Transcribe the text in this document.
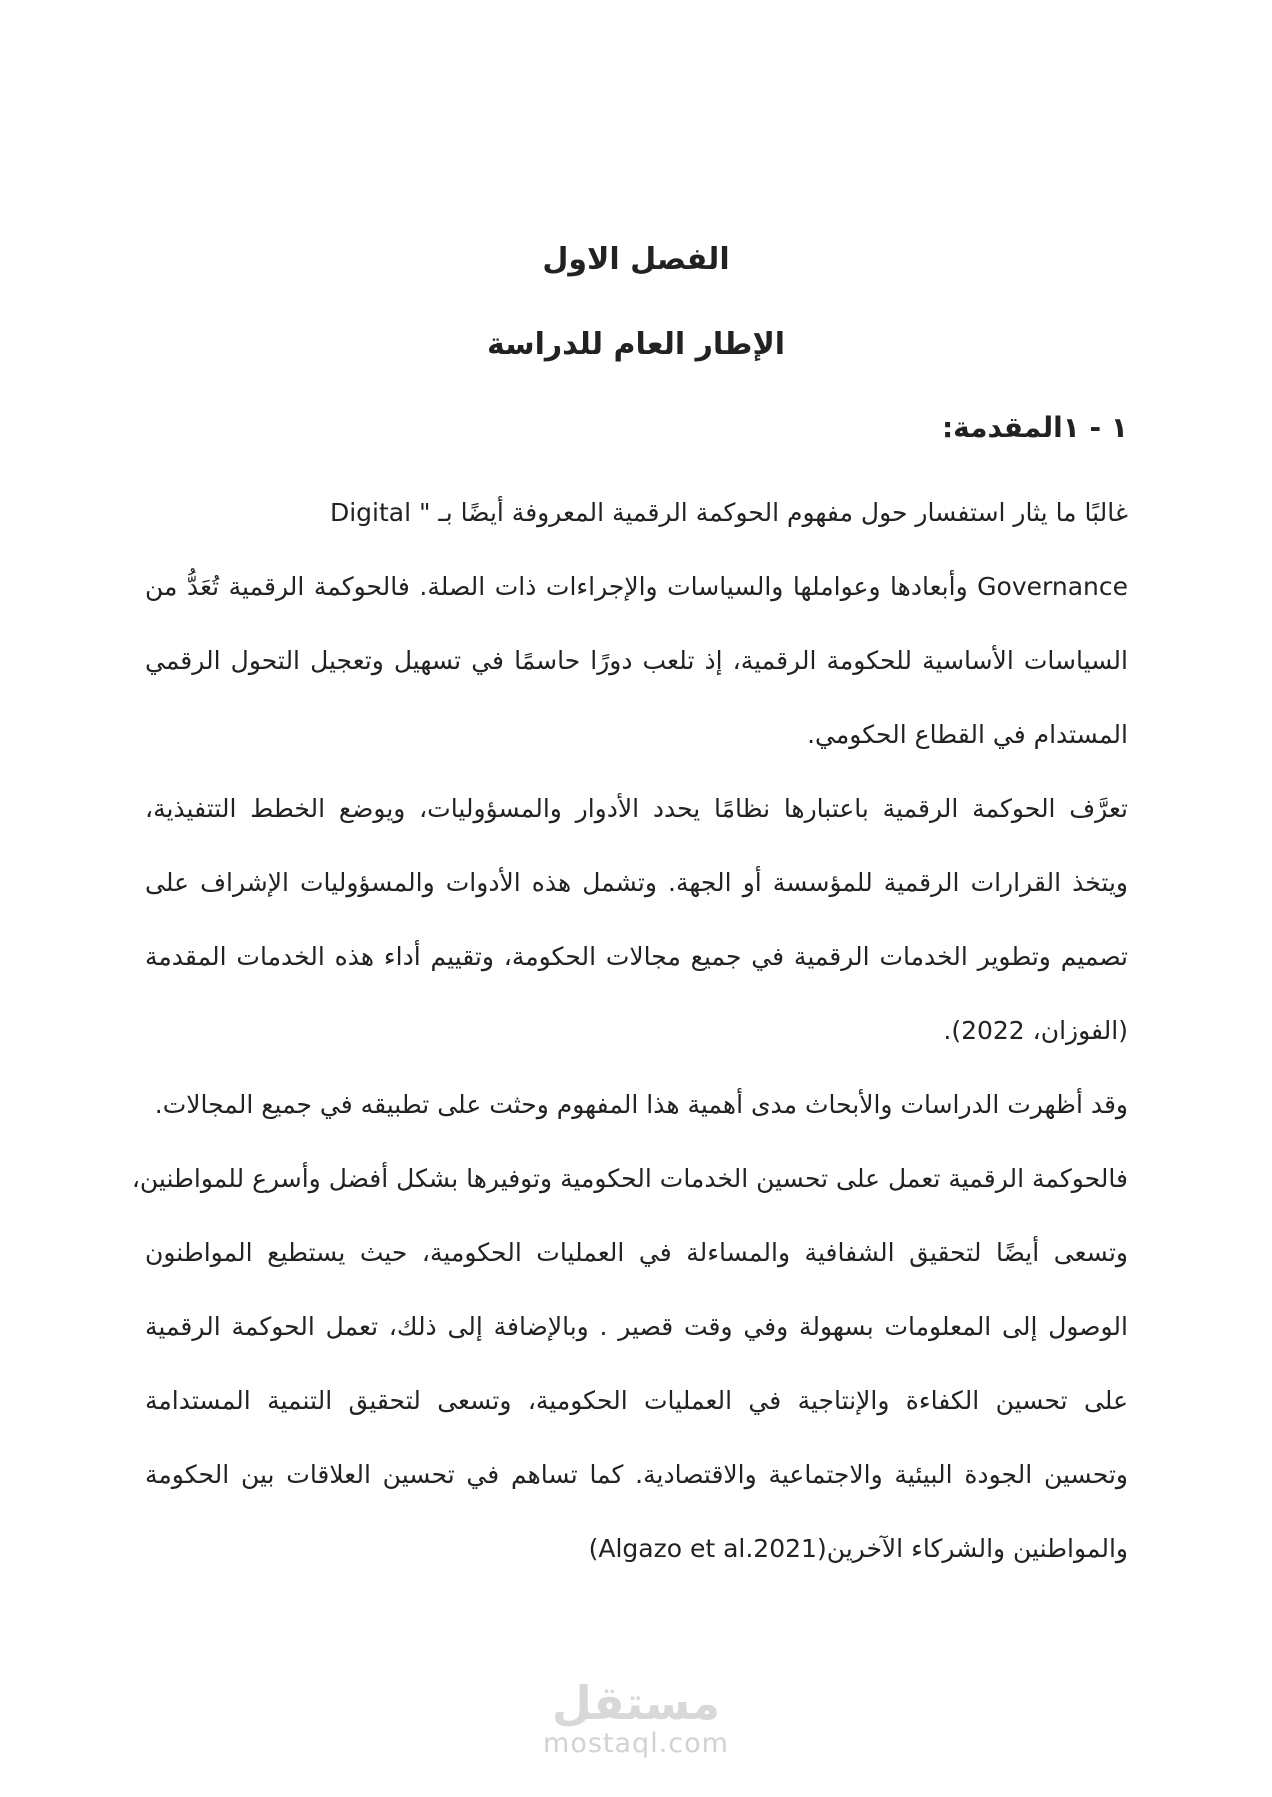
الفصل الاول
الإطار العام للدراسة
١ - ١المقدمة:
غالبًا ما يثار استفسار حول مفهوم الحوكمة الرقمية المعروفة أيضًا بـ " Digital
Governance وأبعادها وعواملها والسياسات والإجراءات ذات الصلة. فالحوكمة الرقمية تُعَدُّ من
السياسات الأساسية للحكومة الرقمية، إذ تلعب دورًا حاسمًا في تسهيل وتعجيل التحول الرقمي
المستدام في القطاع الحكومي.
تعرَّف الحوكمة الرقمية باعتبارها نظامًا يحدد الأدوار والمسؤوليات، ويوضع الخطط التتفيذية،
ويتخذ القرارات الرقمية للمؤسسة أو الجهة. وتشمل هذه الأدوات والمسؤوليات الإشراف على
تصميم وتطوير الخدمات الرقمية في جميع مجالات الحكومة، وتقييم أداء هذه الخدمات المقدمة
(الفوزان، 2022).
وقد أظهرت الدراسات والأبحاث مدى أهمية هذا المفهوم وحثت على تطبيقه في جميع المجالات.
فالحوكمة الرقمية تعمل على تحسين الخدمات الحكومية وتوفيرها بشكل أفضل وأسرع للمواطنين،
وتسعى أيضًا لتحقيق الشفافية والمساءلة في العمليات الحكومية، حيث يستطيع المواطنون
الوصول إلى المعلومات بسهولة وفي وقت قصير . وبالإضافة إلى ذلك، تعمل الحوكمة الرقمية
على تحسين الكفاءة والإنتاجية في العمليات الحكومية، وتسعى لتحقيق التنمية المستدامة
وتحسين الجودة البيئية والاجتماعية والاقتصادية. كما تساهم في تحسين العلاقات بين الحكومة
والمواطنين والشركاء الآخرين(Algazo et al.2021)
مستقل
mostaql.com
